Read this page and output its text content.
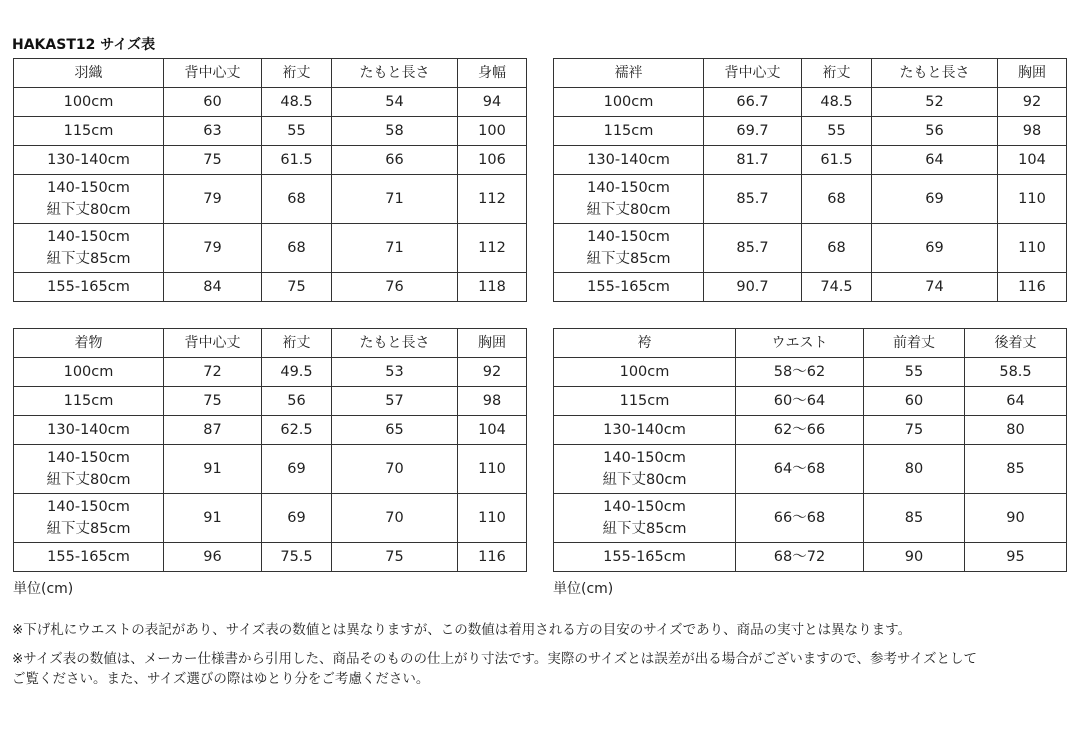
HAKAST12 サイズ表
羽織	背中心丈	裄丈	たもと長さ	身幅

100cm	60	48.5	54	94

115cm	63	55	58	100

130-140cm	75	61.5	66	106

140-150cm
紐下丈80cm	79	68	71	112

140-150cm
紐下丈85cm	79	68	71	112

155-165cm	84	75	76	118
襦袢	背中心丈	裄丈	たもと長さ	胸囲

100cm	66.7	48.5	52	92

115cm	69.7	55	56	98

130-140cm	81.7	61.5	64	104

140-150cm
紐下丈80cm	85.7	68	69	110

140-150cm
紐下丈85cm	85.7	68	69	110

155-165cm	90.7	74.5	74	116
着物	背中心丈	裄丈	たもと長さ	胸囲

100cm	72	49.5	53	92

115cm	75	56	57	98

130-140cm	87	62.5	65	104

140-150cm
紐下丈80cm	91	69	70	110

140-150cm
紐下丈85cm	91	69	70	110

155-165cm	96	75.5	75	116
袴	ウエスト	前着丈	後着丈

100cm	58〜62	55	58.5

115cm	60〜64	60	64

130-140cm	62〜66	75	80

140-150cm
紐下丈80cm	64〜68	80	85

140-150cm
紐下丈85cm	66〜68	85	90

155-165cm	68〜72	90	95
単位(cm)	単位(cm)
※下げ札にウエストの表記があり、サイズ表の数値とは異なりますが、この数値は着用される方の目安のサイズであり、商品の実寸とは異なります。
※サイズ表の数値は、メーカー仕様書から引用した、商品そのものの仕上がり寸法です。実際のサイズとは誤差が出る場合がございますので、参考サイズとして
ご覧ください。また、サイズ選びの際はゆとり分をご考慮ください。
